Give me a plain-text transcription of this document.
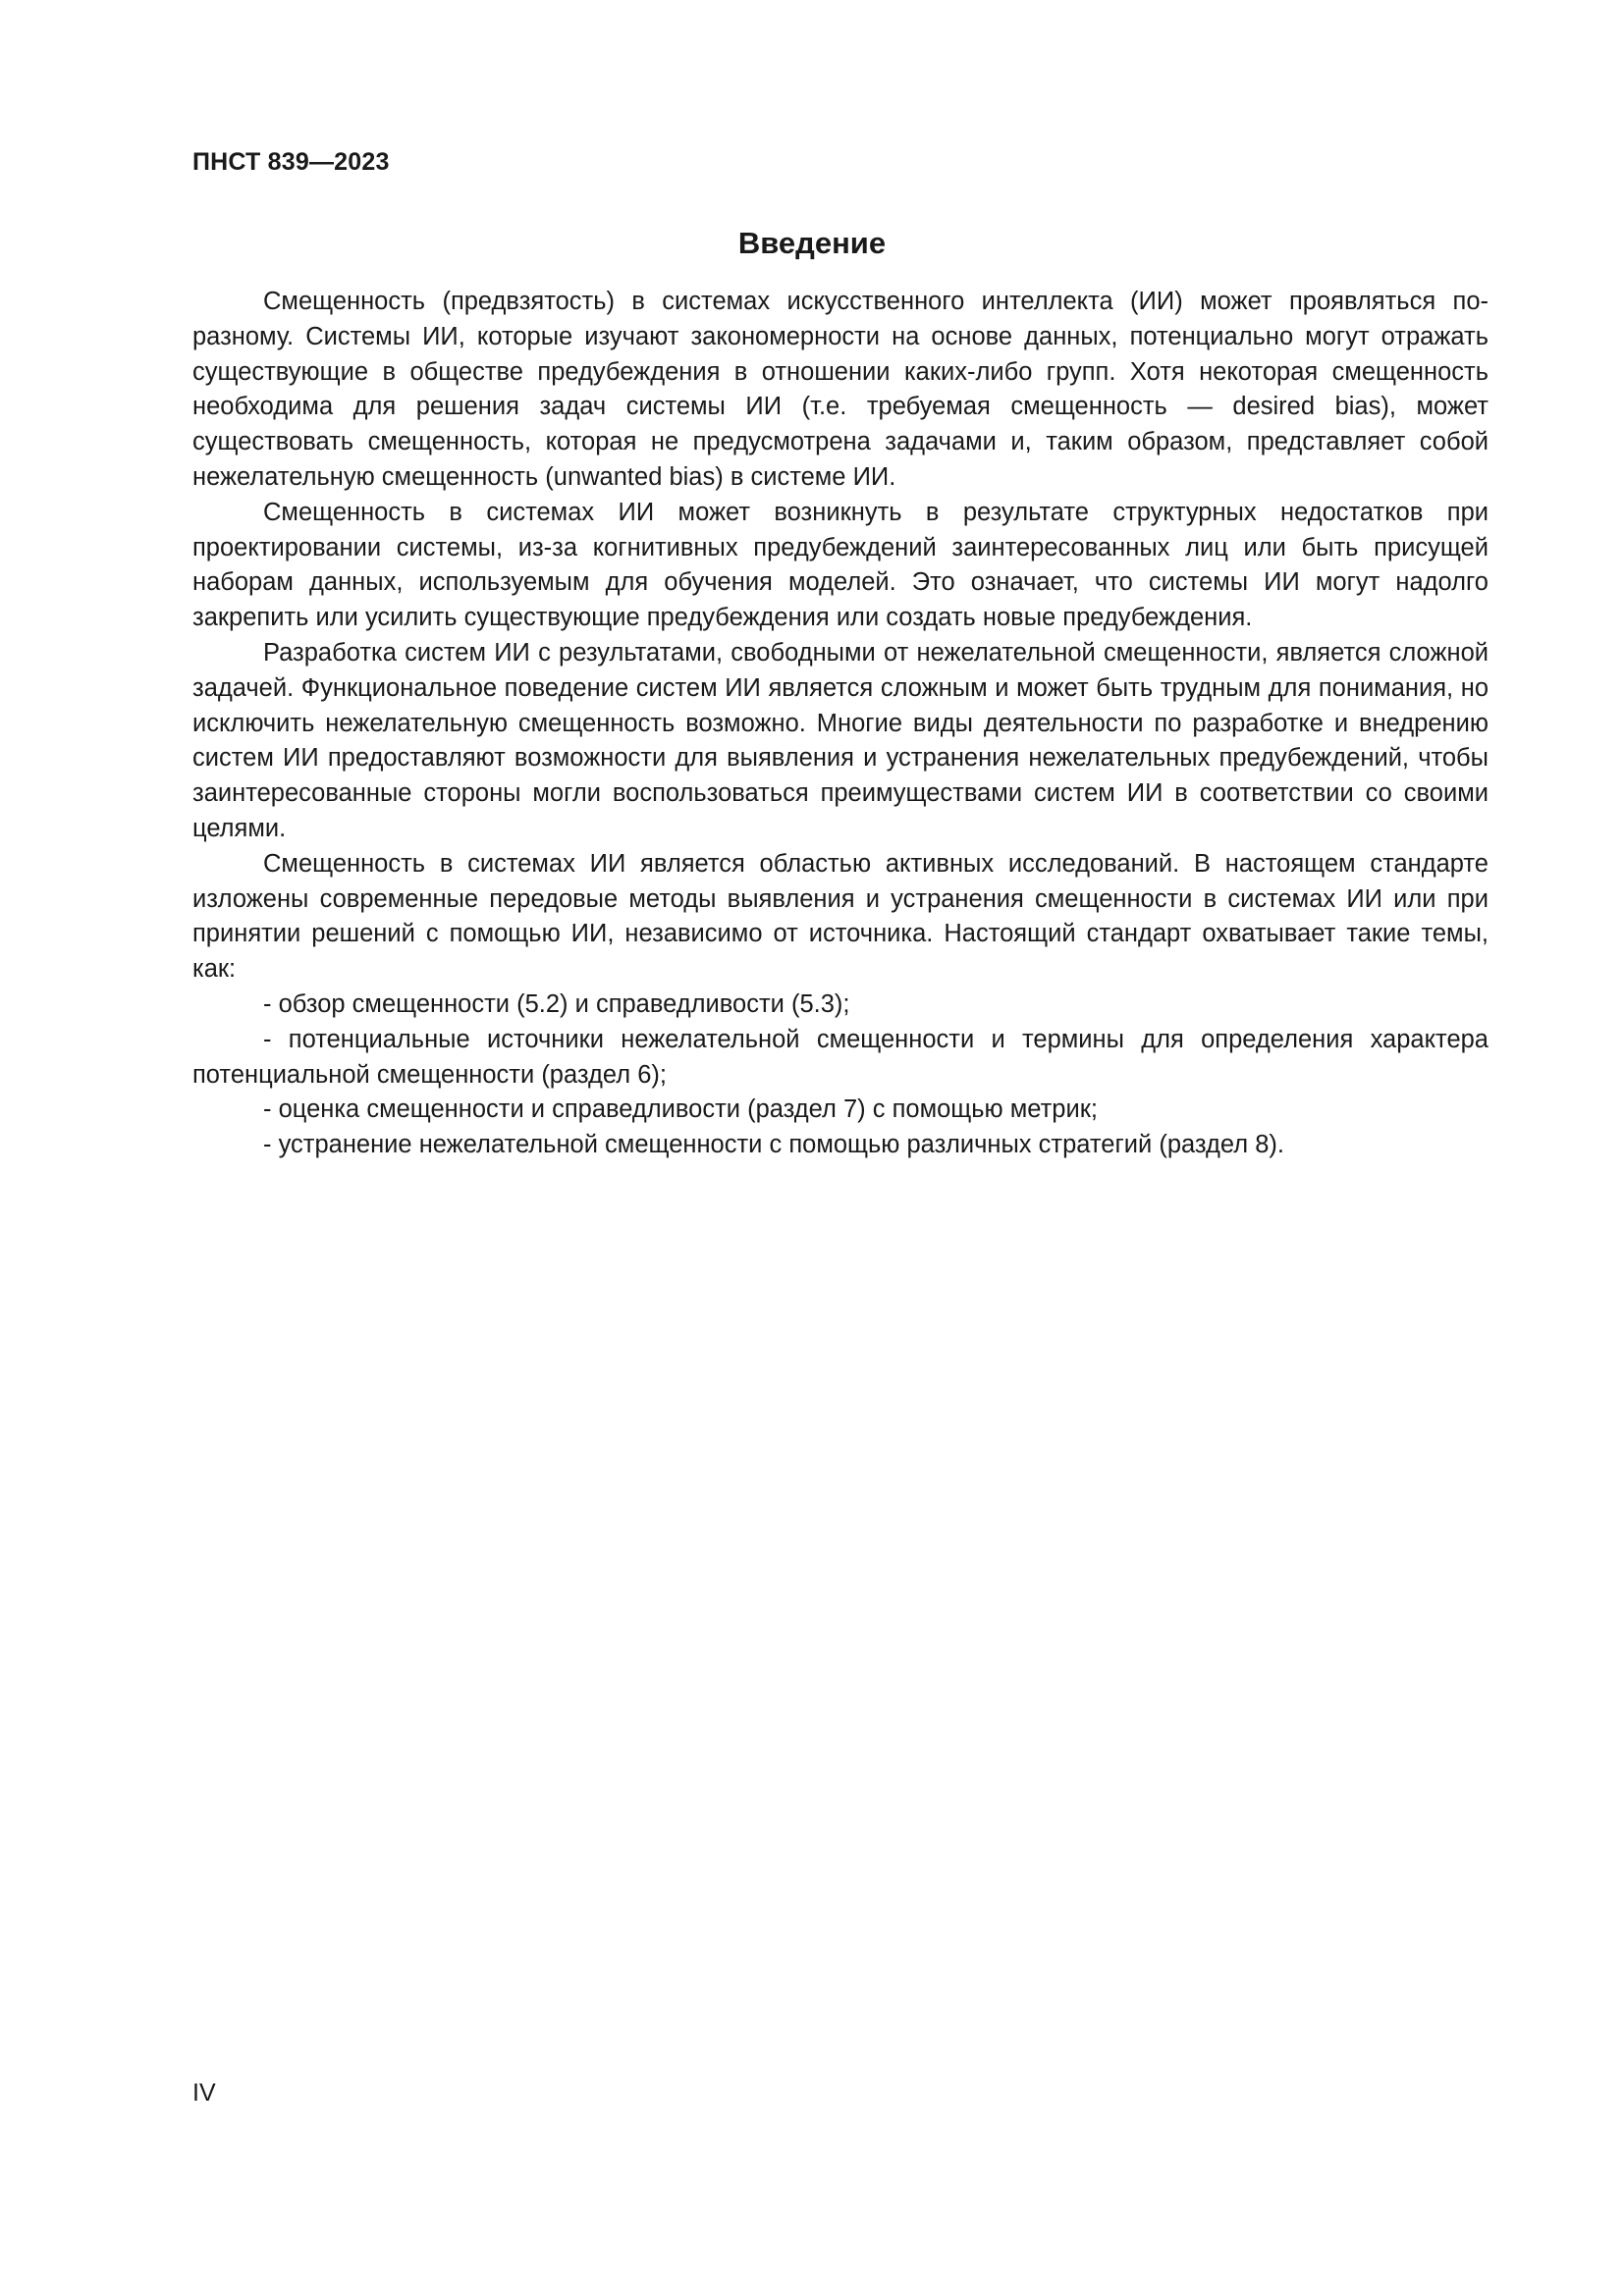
ПНСТ 839—2023
Введение

Смещенность (предвзятость) в системах искусственного интеллекта (ИИ) может проявляться по-разному. Системы ИИ, которые изучают закономерности на основе данных, потенциально могут отражать существующие в обществе предубеждения в отношении каких-либо групп. Хотя некоторая смещенность необходима для решения задач системы ИИ (т.е. требуемая смещенность — desired bias), может существовать смещенность, которая не предусмотрена задачами и, таким образом, представляет собой нежелательную смещенность (unwanted bias) в системе ИИ.

Смещенность в системах ИИ может возникнуть в результате структурных недостатков при проектировании системы, из-за когнитивных предубеждений заинтересованных лиц или быть присущей наборам данных, используемым для обучения моделей. Это означает, что системы ИИ могут надолго закрепить или усилить существующие предубеждения или создать новые предубеждения.

Разработка систем ИИ с результатами, свободными от нежелательной смещенности, является сложной задачей. Функциональное поведение систем ИИ является сложным и может быть трудным для понимания, но исключить нежелательную смещенность возможно. Многие виды деятельности по разработке и внедрению систем ИИ предоставляют возможности для выявления и устранения нежелательных предубеждений, чтобы заинтересованные стороны могли воспользоваться преимуществами систем ИИ в соответствии со своими целями.

Смещенность в системах ИИ является областью активных исследований. В настоящем стандарте изложены современные передовые методы выявления и устранения смещенности в системах ИИ или при принятии решений с помощью ИИ, независимо от источника. Настоящий стандарт охватывает такие темы, как:

- обзор смещенности (5.2) и справедливости (5.3);
- потенциальные источники нежелательной смещенности и термины для определения характера потенциальной смещенности (раздел 6);
- оценка смещенности и справедливости (раздел 7) с помощью метрик;
- устранение нежелательной смещенности с помощью различных стратегий (раздел 8).
IV
